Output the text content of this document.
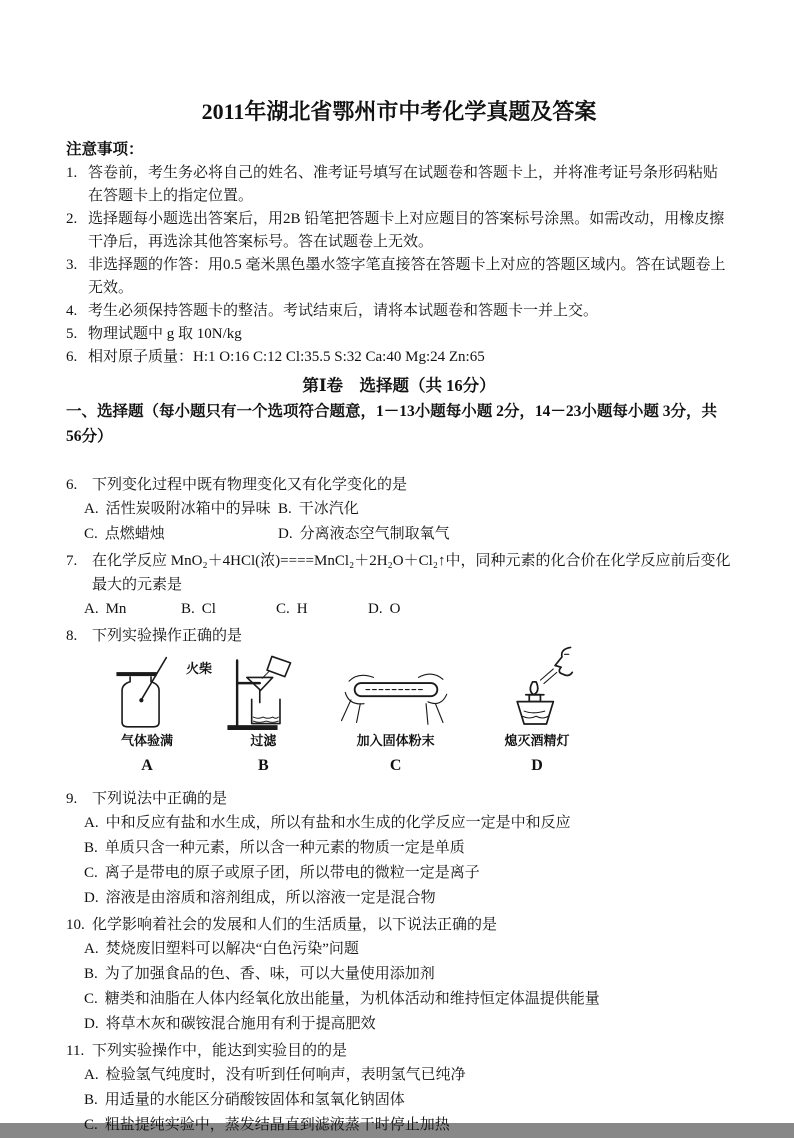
2011年湖北省鄂州市中考化学真题及答案
注意事项：
1. 答卷前，考生务必将自己的姓名、准考证号填写在试题卷和答题卡上，并将准考证号条形码粘贴在答题卡上的指定位置。
2. 选择题每小题选出答案后，用2B 铅笔把答题卡上对应题目的答案标号涂黑。如需改动，用橡皮擦干净后，再选涂其他答案标号。答在试题卷上无效。
3. 非选择题的作答：用0.5 毫米黑色墨水签字笔直接答在答题卡上对应的答题区域内。答在试题卷上无效。
4. 考生必须保持答题卡的整洁。考试结束后，请将本试题卷和答题卡一并上交。
5. 物理试题中 g 取 10N/kg
6. 相对原子质量：H:1 O:16 C:12 Cl:35.5 S:32 Ca:40 Mg:24 Zn:65
第Ⅰ卷　选择题（共 16分）
一、选择题（每小题只有一个选项符合题意，1－13小题每小题 2分，14－23小题每小题 3分，共 56分）
6. 下列变化过程中既有物理变化又有化学变化的是
A. 活性炭吸附冰箱中的异味 B. 干冰汽化
C. 点燃蜡烛	D. 分离液态空气制取氧气
7. 在化学反应 MnO₂＋4HCl(浓)====MnCl₂＋2H₂O＋Cl₂↑中，同种元素的化合价在化学反应前后变化最大的元素是
A. Mn	B. Cl	C. H	D. O
8. 下列实验操作正确的是
火柴
气体验满
A
过滤
B
加入固体粉末
C
熄灭酒精灯
D
9. 下列说法中正确的是
A. 中和反应有盐和水生成，所以有盐和水生成的化学反应一定是中和反应
B. 单质只含一种元素，所以含一种元素的物质一定是单质
C. 离子是带电的原子或原子团，所以带电的微粒一定是离子
D. 溶液是由溶质和溶剂组成，所以溶液一定是混合物
10. 化学影响着社会的发展和人们的生活质量，以下说法正确的是
A. 焚烧废旧塑料可以解决“白色污染”问题
B. 为了加强食品的色、香、味，可以大量使用添加剂
C. 糖类和油脂在人体内经氧化放出能量，为机体活动和维持恒定体温提供能量
D. 将草木灰和碳铵混合施用有利于提高肥效
11. 下列实验操作中，能达到实验目的的是
A. 检验氢气纯度时，没有听到任何响声，表明氢气已纯净
B. 用适量的水能区分硝酸铵固体和氢氧化钠固体
C. 粗盐提纯实验中，蒸发结晶直到滤液蒸干时停止加热
